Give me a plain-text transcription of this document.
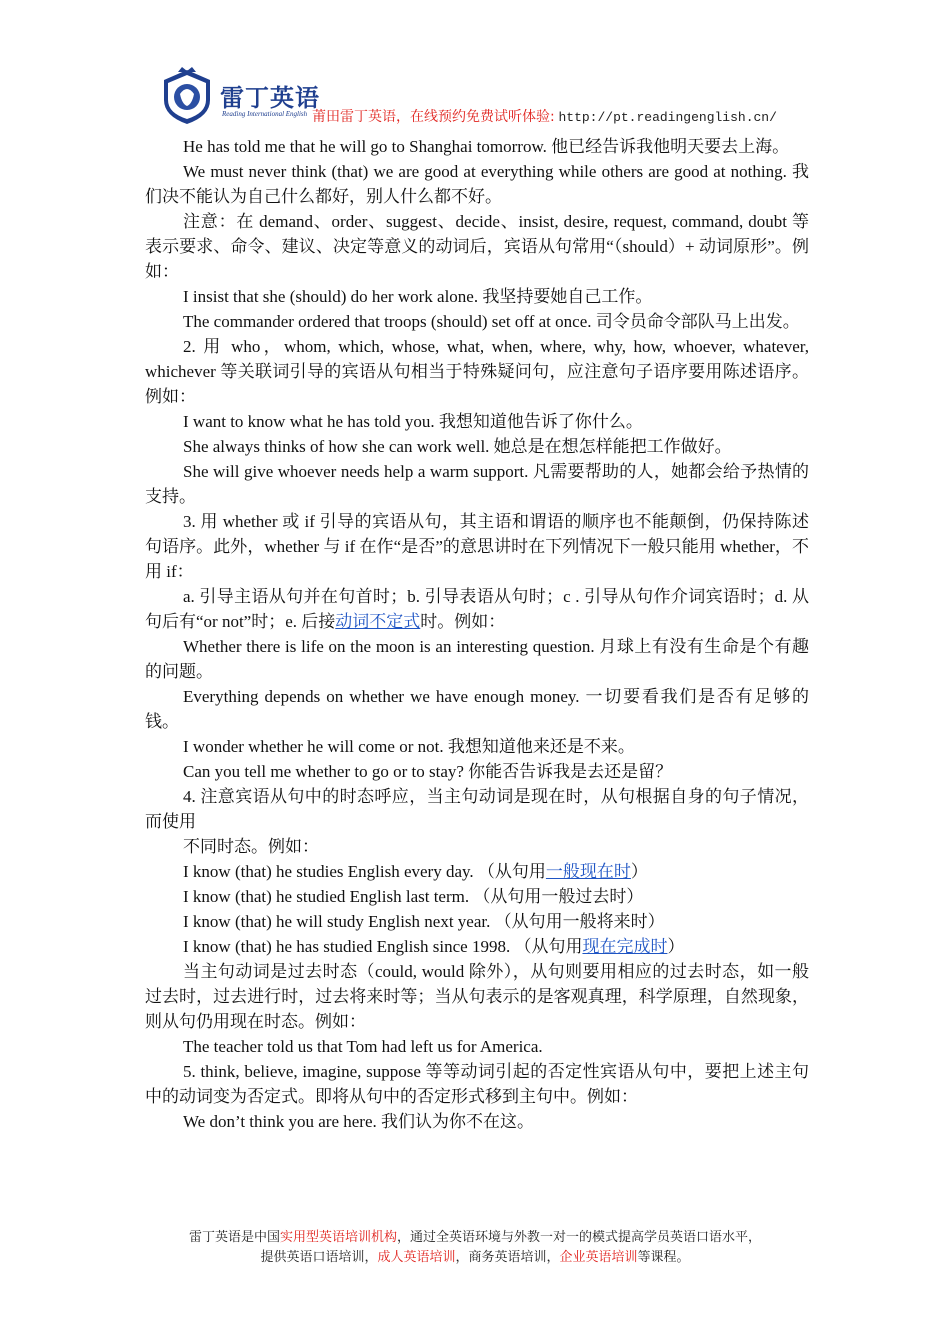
雷丁英语
Reading International English 莆田雷丁英语，在线预约免费试听体验: http://pt.readingenglish.cn/

He has told me that he will go to Shanghai tomorrow. 他已经告诉我他明天要去上海。

We must never think (that) we are good at everything while others are good at nothing. 我们决不能认为自己什么都好，别人什么都不好。

注意：在 demand、order、suggest、decide、insist, desire, request, command, doubt 等表示要求、命令、建议、决定等意义的动词后，宾语从句常用“（should）+ 动词原形”。例如：

I insist that she (should) do her work alone. 我坚持要她自己工作。

The commander ordered that troops (should) set off at once. 司令员命令部队马上出发。

2. 用 who，whom, which, whose, what, when, where, why, how, whoever, whatever, whichever 等关联词引导的宾语从句相当于特殊疑问句，应注意句子语序要用陈述语序。例如：

I want to know what he has told you. 我想知道他告诉了你什么。

She always thinks of how she can work well. 她总是在想怎样能把工作做好。

She will give whoever needs help a warm support. 凡需要帮助的人，她都会给予热情的支持。

3. 用 whether 或 if 引导的宾语从句，其主语和谓语的顺序也不能颠倒，仍保持陈述句语序。此外，whether 与 if 在作“是否”的意思讲时在下列情况下一般只能用 whether，不用 if：

a. 引导主语从句并在句首时；b. 引导表语从句时；c . 引导从句作介词宾语时；d. 从句后有“or not”时；e. 后接动词不定式时。例如：

Whether there is life on the moon is an interesting question. 月球上有没有生命是个有趣的问题。

Everything depends on whether we have enough money. 一切要看我们是否有足够的钱。

I wonder whether he will come or not. 我想知道他来还是不来。

Can you tell me whether to go or to stay? 你能否告诉我是去还是留？

4. 注意宾语从句中的时态呼应，当主句动词是现在时，从句根据自身的句子情况，而使用

不同时态。例如：

I know (that) he studies English every day. （从句用一般现在时）

I know (that) he studied English last term. （从句用一般过去时）

I know (that) he will study English next year. （从句用一般将来时）

I know (that) he has studied English since 1998. （从句用现在完成时）

当主句动词是过去时态（could, would 除外），从句则要用相应的过去时态，如一般过去时，过去进行时，过去将来时等；当从句表示的是客观真理，科学原理，自然现象，则从句仍用现在时态。例如：

The teacher told us that Tom had left us for America.

5. think, believe, imagine, suppose 等等动词引起的否定性宾语从句中，要把上述主句中的动词变为否定式。即将从句中的否定形式移到主句中。例如：

We don’t think you are here. 我们认为你不在这。

雷丁英语是中国实用型英语培训机构，通过全英语环境与外教一对一的模式提高学员英语口语水平，
提供英语口语培训，成人英语培训，商务英语培训，企业英语培训等课程。
